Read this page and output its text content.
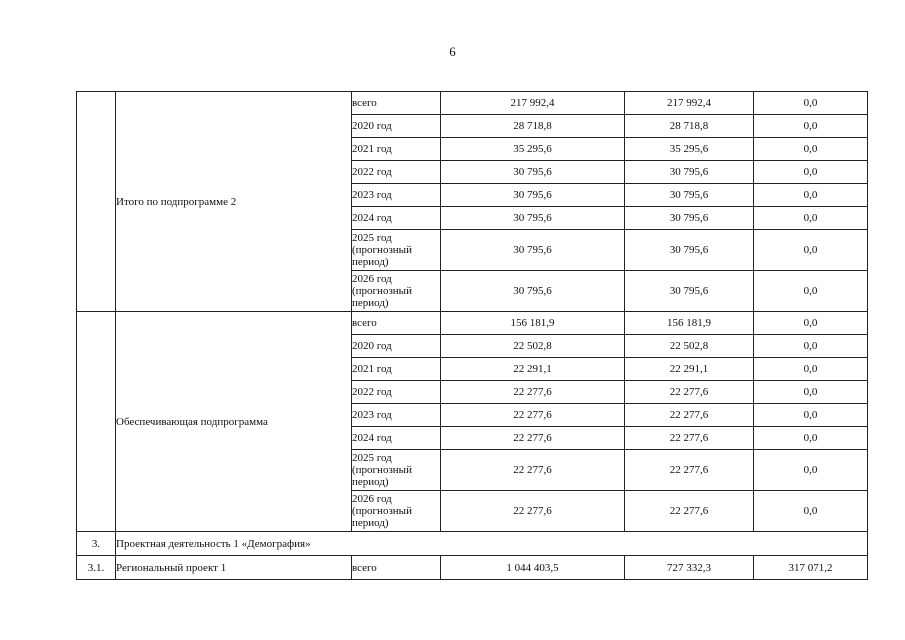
6
	Итого по подпрограмме 2	всего	217 992,4	217 992,4	0,0
		2020 год	28 718,8	28 718,8	0,0
		2021 год	35 295,6	35 295,6	0,0
		2022 год	30 795,6	30 795,6	0,0
		2023 год	30 795,6	30 795,6	0,0
		2024 год	30 795,6	30 795,6	0,0
		2025 год (прогнозный период)	30 795,6	30 795,6	0,0
		2026 год (прогнозный период)	30 795,6	30 795,6	0,0
	Обеспечивающая подпрограмма	всего	156 181,9	156 181,9	0,0
		2020 год	22 502,8	22 502,8	0,0
		2021 год	22 291,1	22 291,1	0,0
		2022 год	22 277,6	22 277,6	0,0
		2023 год	22 277,6	22 277,6	0,0
		2024 год	22 277,6	22 277,6	0,0
		2025 год (прогнозный период)	22 277,6	22 277,6	0,0
		2026 год (прогнозный период)	22 277,6	22 277,6	0,0
3.	Проектная деятельность 1 «Демография»				
3.1.	Региональный проект 1	всего	1 044 403,5	727 332,3	317 071,2
